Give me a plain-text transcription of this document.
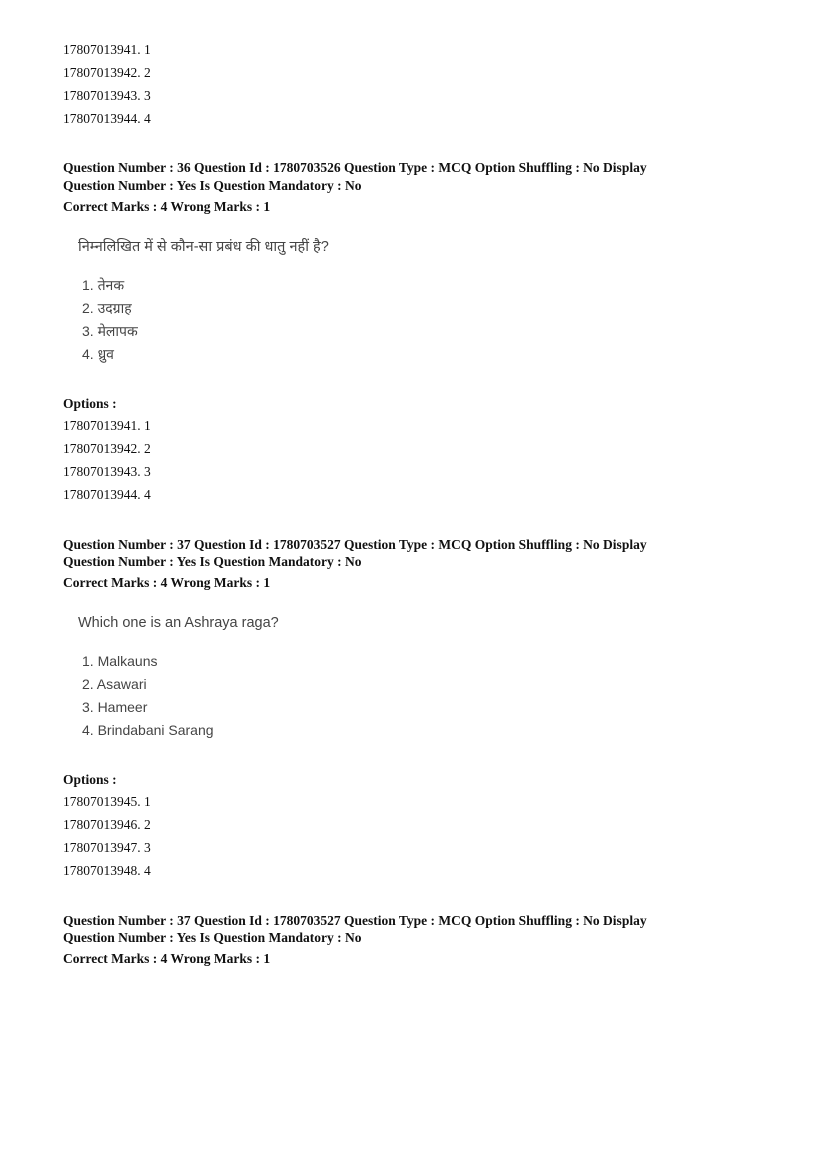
17807013941. 1

17807013942. 2

17807013943. 3

17807013944. 4

Question Number : 36 Question Id : 1780703526 Question Type : MCQ Option Shuffling : No Display

Question Number : Yes Is Question Mandatory : No

Correct Marks : 4 Wrong Marks : 1

निम्नलिखित में से कौन-सा प्रबंध की धातु नहीं है?

1. तेनक

2. उदग्राह

3. मेलापक

4. ध्रुव

Options :

17807013941. 1

17807013942. 2

17807013943. 3

17807013944. 4

Question Number : 37 Question Id : 1780703527 Question Type : MCQ Option Shuffling : No Display

Question Number : Yes Is Question Mandatory : No

Correct Marks : 4 Wrong Marks : 1

Which one is an Ashraya raga?

1. Malkauns

2. Asawari

3. Hameer

4. Brindabani Sarang

Options :

17807013945. 1

17807013946. 2

17807013947. 3

17807013948. 4

Question Number : 37 Question Id : 1780703527 Question Type : MCQ Option Shuffling : No Display

Question Number : Yes Is Question Mandatory : No

Correct Marks : 4 Wrong Marks : 1
